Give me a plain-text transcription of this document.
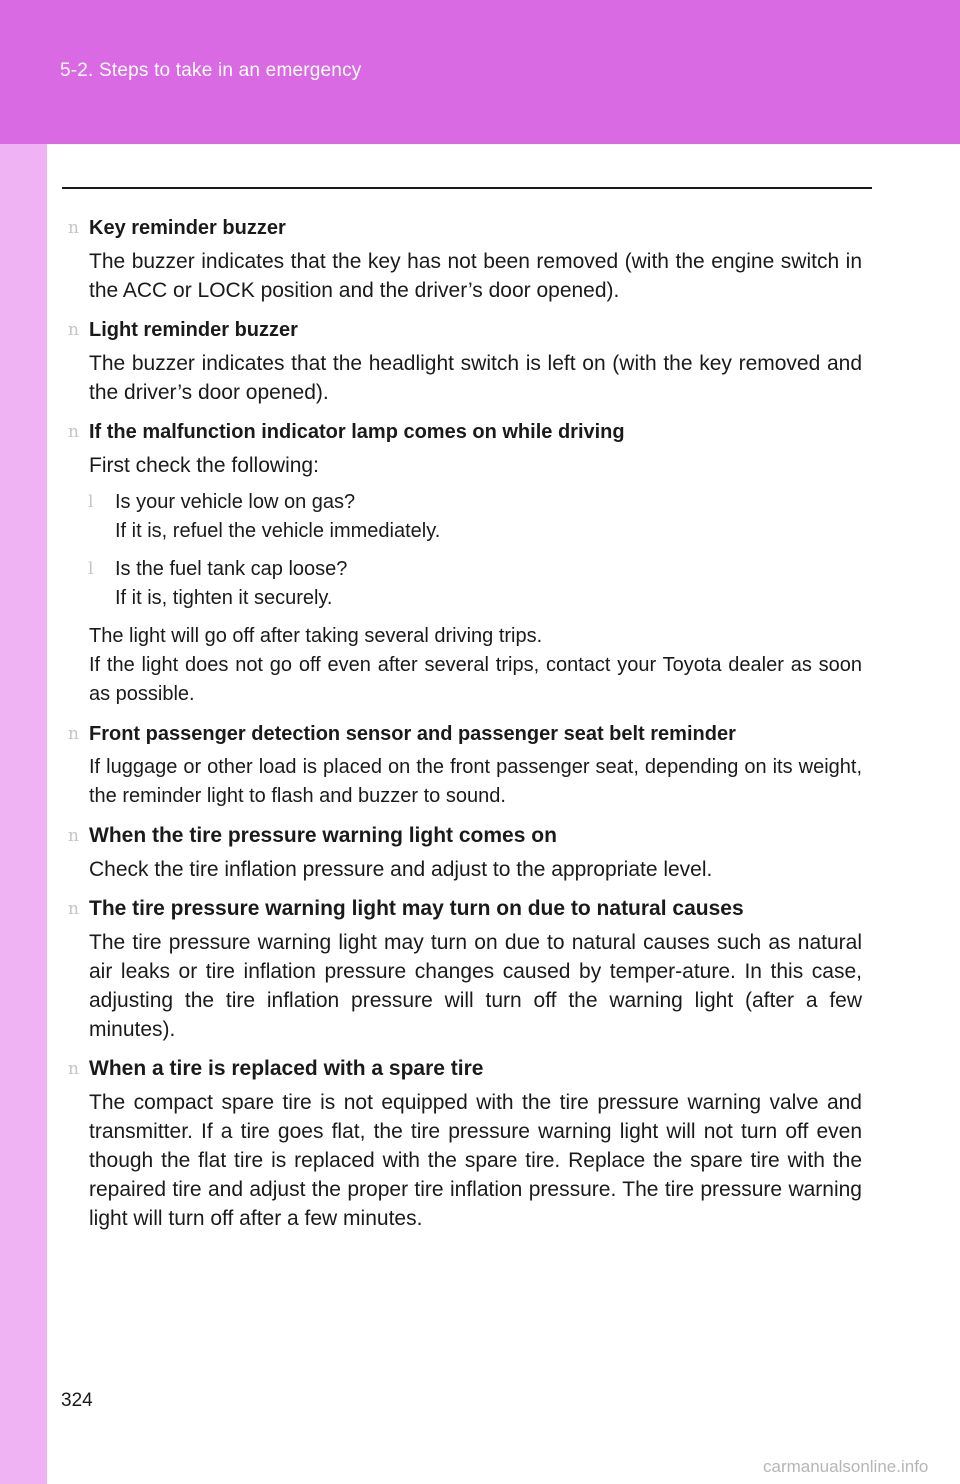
5-2. Steps to take in an emergency
n Key reminder buzzer

The buzzer indicates that the key has not been removed (with the engine switch in the ACC or LOCK position and the driver’s door opened).

n Light reminder buzzer

The buzzer indicates that the headlight switch is left on (with the key removed and the driver’s door opened).

n If the malfunction indicator lamp comes on while driving

First check the following:

l Is your vehicle low on gas?
If it is, refuel the vehicle immediately.
l Is the fuel tank cap loose?
If it is, tighten it securely.

The light will go off after taking several driving trips.
If the light does not go off even after several trips, contact your Toyota dealer as soon as possible.

n Front passenger detection sensor and passenger seat belt reminder

If luggage or other load is placed on the front passenger seat, depending on its weight, the reminder light to flash and buzzer to sound.

n When the tire pressure warning light comes on

Check the tire inflation pressure and adjust to the appropriate level.

n The tire pressure warning light may turn on due to natural causes

The tire pressure warning light may turn on due to natural causes such as natural air leaks or tire inflation pressure changes caused by temper-ature. In this case, adjusting the tire inflation pressure will turn off the warning light (after a few minutes).

n When a tire is replaced with a spare tire

The compact spare tire is not equipped with the tire pressure warning valve and transmitter. If a tire goes flat, the tire pressure warning light will not turn off even though the flat tire is replaced with the spare tire. Replace the spare tire with the repaired tire and adjust the proper tire inflation pressure. The tire pressure warning light will turn off after a few minutes.

324
carmanualsonline.info
